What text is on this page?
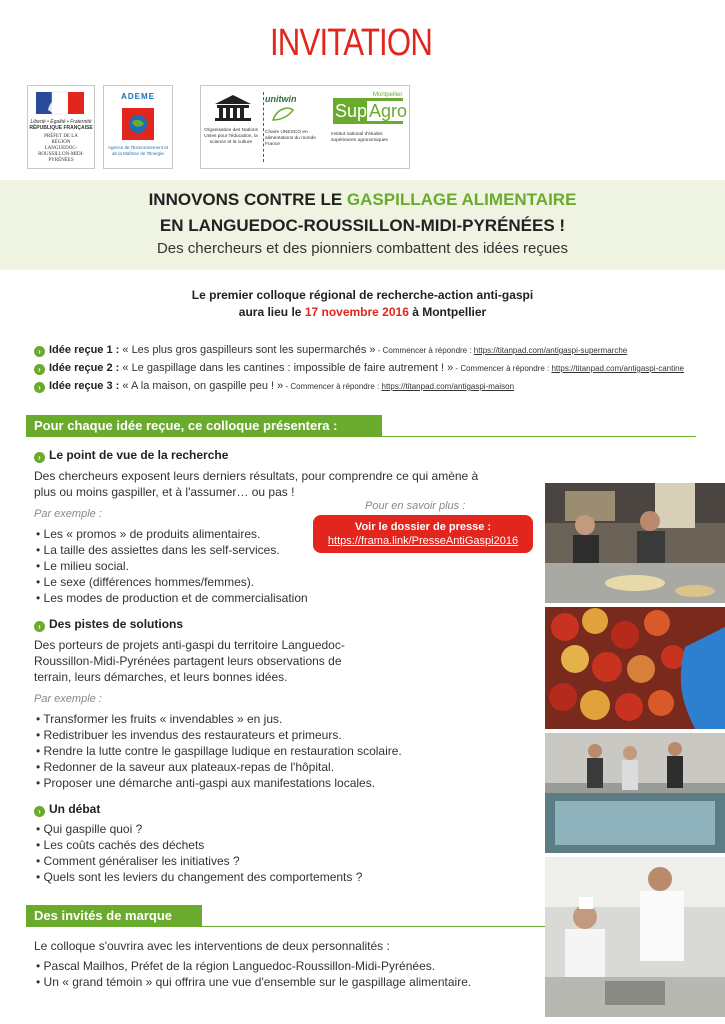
INVITATION
Liberté • Égalité • Fraternité
RÉPUBLIQUE FRANÇAISE
PRÉFET DE LA RÉGION LANGUEDOC-ROUSSILLON-MIDI-PYRÉNÉES
ADEME
Agence de l'Environnement et de la Maîtrise de l'Énergie
Organisation des Nations Unies pour l'éducation, la science et la culture
unitwin
Chaire UNESCO en alimentations du monde France
Montpellier
Sup Agro
Institut national d'études supérieures agronomiques
INNOVONS CONTRE LE GASPILLAGE ALIMENTAIRE
EN LANGUEDOC-ROUSSILLON-MIDI-PYRÉNÉES !
Des chercheurs et des pionniers combattent des idées reçues
Le premier colloque régional de recherche-action anti-gaspi
aura lieu le 17 novembre 2016 à Montpellier
› Idée reçue 1 : « Les plus gros gaspilleurs sont les supermarchés » - Commencer à répondre : https://titanpad.com/antigaspi-supermarche
› Idée reçue 2 : « Le gaspillage dans les cantines : impossible de faire autrement ! » - Commencer à répondre : https://titanpad.com/antigaspi-cantine
› Idée reçue 3 : « A la maison, on gaspille peu ! » - Commencer à répondre : https://titanpad.com/antigaspi-maison
Pour chaque idée reçue, ce colloque présentera :
› Le point de vue de la recherche
Des chercheurs exposent leurs derniers résultats, pour comprendre ce qui amène à
plus ou moins gaspiller, et à l'assumer… ou pas !
Par exemple :
• Les « promos » de produits alimentaires.
• La taille des assiettes dans les self-services.
• Le milieu social.
• Le sexe (différences hommes/femmes).
• Les modes de production et de commercialisation
Pour en savoir plus :
Voir le dossier de presse :
https://frama.link/PresseAntiGaspi2016
› Des pistes de solutions
Des porteurs de projets anti-gaspi du territoire Languedoc-
Roussillon-Midi-Pyrénées partagent leurs observations de
terrain, leurs démarches, et leurs bonnes idées.
Par exemple :
• Transformer les fruits « invendables » en jus.
• Redistribuer les invendus des restaurateurs et primeurs.
• Rendre la lutte contre le gaspillage ludique en restauration scolaire.
• Redonner de la saveur aux plateaux-repas de l'hôpital.
• Proposer une démarche anti-gaspi aux manifestations locales.
› Un débat
• Qui gaspille quoi ?
• Les coûts cachés des déchets
• Comment généraliser les initiatives ?
• Quels sont les leviers du changement des comportements ?
Des invités de marque
Le colloque s'ouvrira avec les interventions de deux personnalités :
• Pascal Mailhos, Préfet de la région Languedoc-Roussillon-Midi-Pyrénées.
• Un « grand témoin » qui offrira une vue d'ensemble sur le gaspillage alimentaire.
